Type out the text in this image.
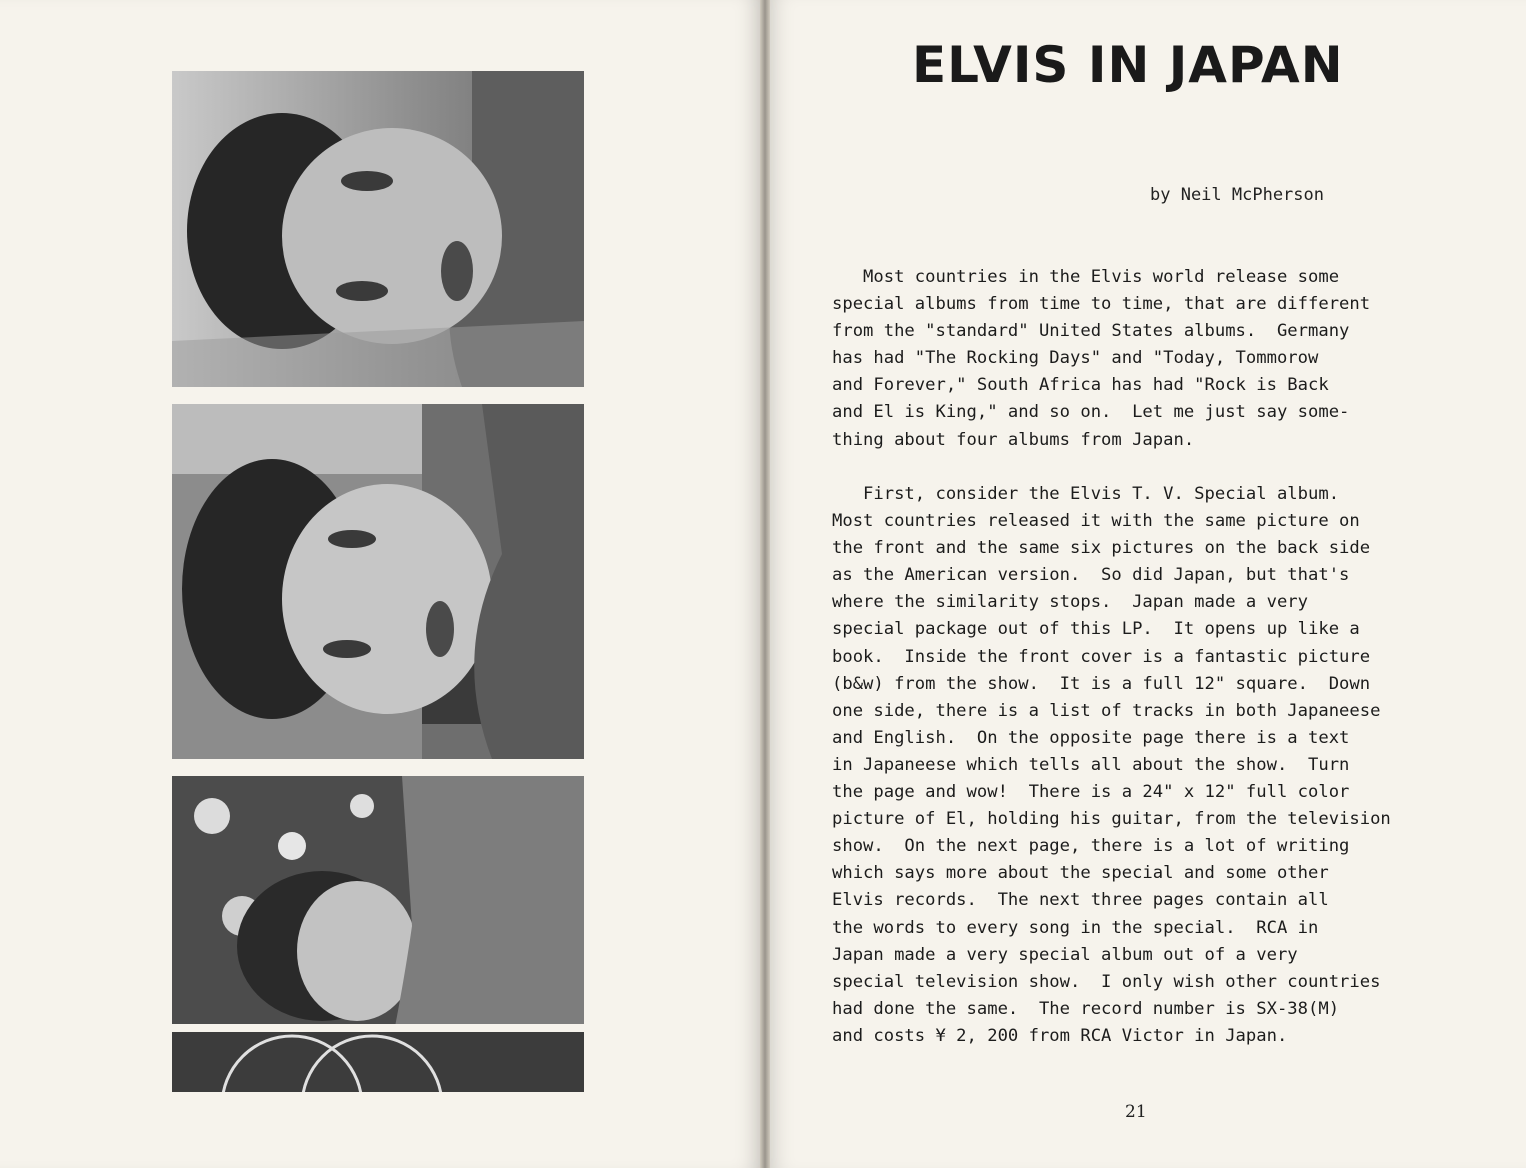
ELVIS IN JAPAN
by Neil McPherson
Most countries in the Elvis world release some
special albums from time to time, that are different
from the "standard" United States albums.  Germany
has had "The Rocking Days" and "Today, Tommorow
and Forever," South Africa has had "Rock is Back
and El is King," and so on.  Let me just say some-
thing about four albums from Japan.
First, consider the Elvis T. V. Special album.
Most countries released it with the same picture on
the front and the same six pictures on the back side
as the American version.  So did Japan, but that's
where the similarity stops.  Japan made a very
special package out of this LP.  It opens up like a
book.  Inside the front cover is a fantastic picture
(b&w) from the show.  It is a full 12" square.  Down
one side, there is a list of tracks in both Japaneese
and English.  On the opposite page there is a text
in Japaneese which tells all about the show.  Turn
the page and wow!  There is a 24" x 12" full color
picture of El, holding his guitar, from the television
show.  On the next page, there is a lot of writing
which says more about the special and some other
Elvis records.  The next three pages contain all
the words to every song in the special.  RCA in
Japan made a very special album out of a very
special television show.  I only wish other countries
had done the same.  The record number is SX-38(M)
and costs ¥ 2, 200 from RCA Victor in Japan.
21
